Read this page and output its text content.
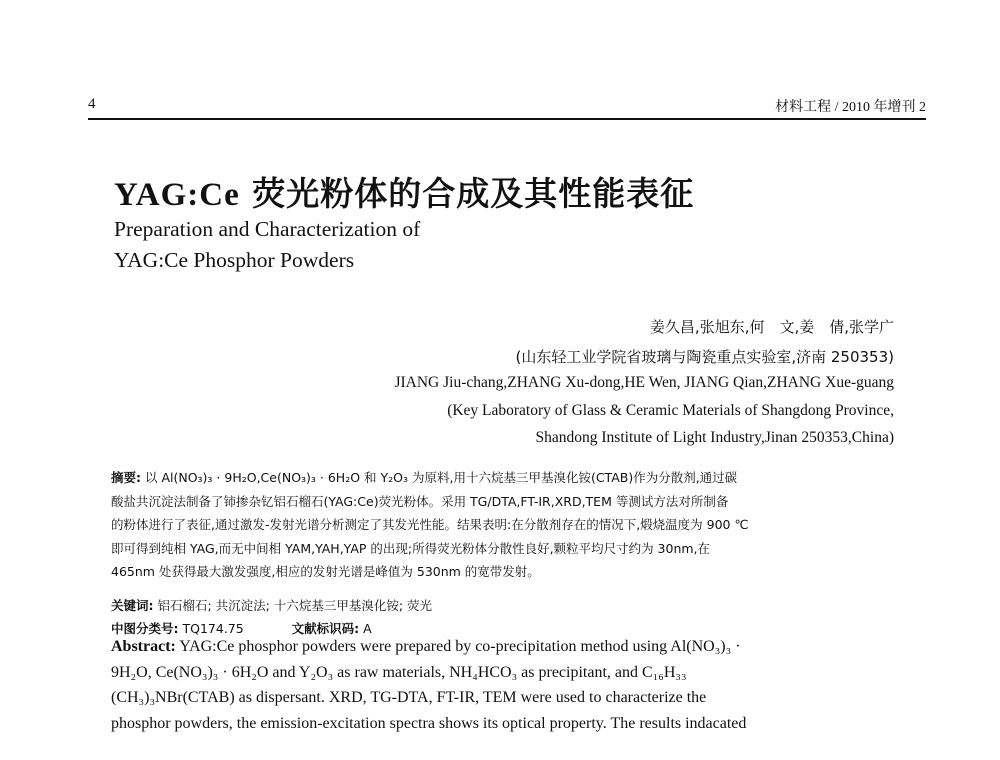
4	材料工程 / 2010 年增刊 2
YAG:Ce 荧光粉体的合成及其性能表征
Preparation and Characterization of
YAG:Ce Phosphor Powders
姜久昌,张旭东,何　文,姜　倩,张学广
(山东轻工业学院省玻璃与陶瓷重点实验室,济南 250353)
JIANG Jiu-chang,ZHANG Xu-dong,HE Wen, JIANG Qian,ZHANG Xue-guang
(Key Laboratory of Glass & Ceramic Materials of Shangdong Province,
Shandong Institute of Light Industry,Jinan 250353,China)
摘要: 以 Al(NO₃)₃ · 9H₂O,Ce(NO₃)₃ · 6H₂O 和 Y₂O₃ 为原料,用十六烷基三甲基溴化铵(CTAB)作为分散剂,通过碳
酸盐共沉淀法制备了铈掺杂钇铝石榴石(YAG:Ce)荧光粉体。采用 TG/DTA,FT-IR,XRD,TEM 等测试方法对所制备
的粉体进行了表征,通过激发-发射光谱分析测定了其发光性能。结果表明:在分散剂存在的情况下,煅烧温度为 900 ℃
即可得到纯相 YAG,而无中间相 YAM,YAH,YAP 的出现;所得荧光粉体分散性良好,颗粒平均尺寸约为 30nm,在
465nm 处获得最大激发强度,相应的发射光谱是峰值为 530nm 的宽带发射。
关键词: 铝石榴石; 共沉淀法; 十六烷基三甲基溴化铵; 荧光
中图分类号: TQ174.75	文献标识码: A
Abstract: YAG:Ce phosphor powders were prepared by co-precipitation method using Al(NO₃)₃ ·
9H₂O, Ce(NO₃)₃ · 6H₂O and Y₂O₃ as raw materials, NH₄HCO₃ as precipitant, and C₁₆H₃₃
(CH₃)₃NBr(CTAB) as dispersant. XRD, TG-DTA, FT-IR, TEM were used to characterize the
phosphor powders, the emission-excitation spectra shows its optical property. The results indacated
